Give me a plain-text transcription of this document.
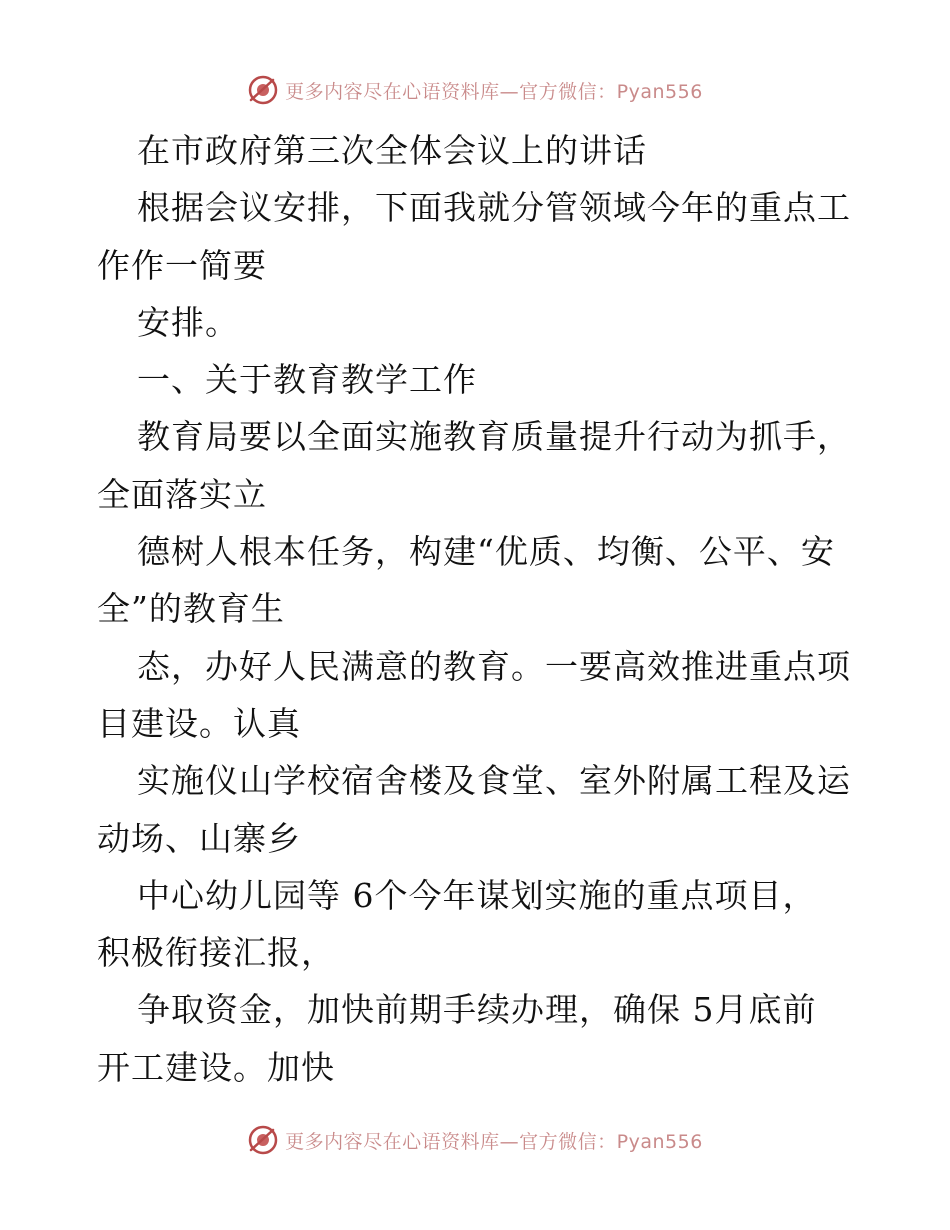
更多内容尽在心语资料库—官方微信：Pyan556
在市政府第三次全体会议上的讲话
根据会议安排，下面我就分管领域今年的重点工
作作一简要
安排。
一、关于教育教学工作
教育局要以全面实施教育质量提升行动为抓手，
全面落实立
德树人根本任务，构建“优质、均衡、公平、安
全”的教育生
态，办好人民满意的教育。一要高效推进重点项
目建设。认真
实施仪山学校宿舍楼及食堂、室外附属工程及运
动场、山寨乡
中心幼儿园等 6个今年谋划实施的重点项目，
积极衔接汇报，
争取资金，加快前期手续办理，确保 5月底前
开工建设。加快
更多内容尽在心语资料库—官方微信：Pyan556
